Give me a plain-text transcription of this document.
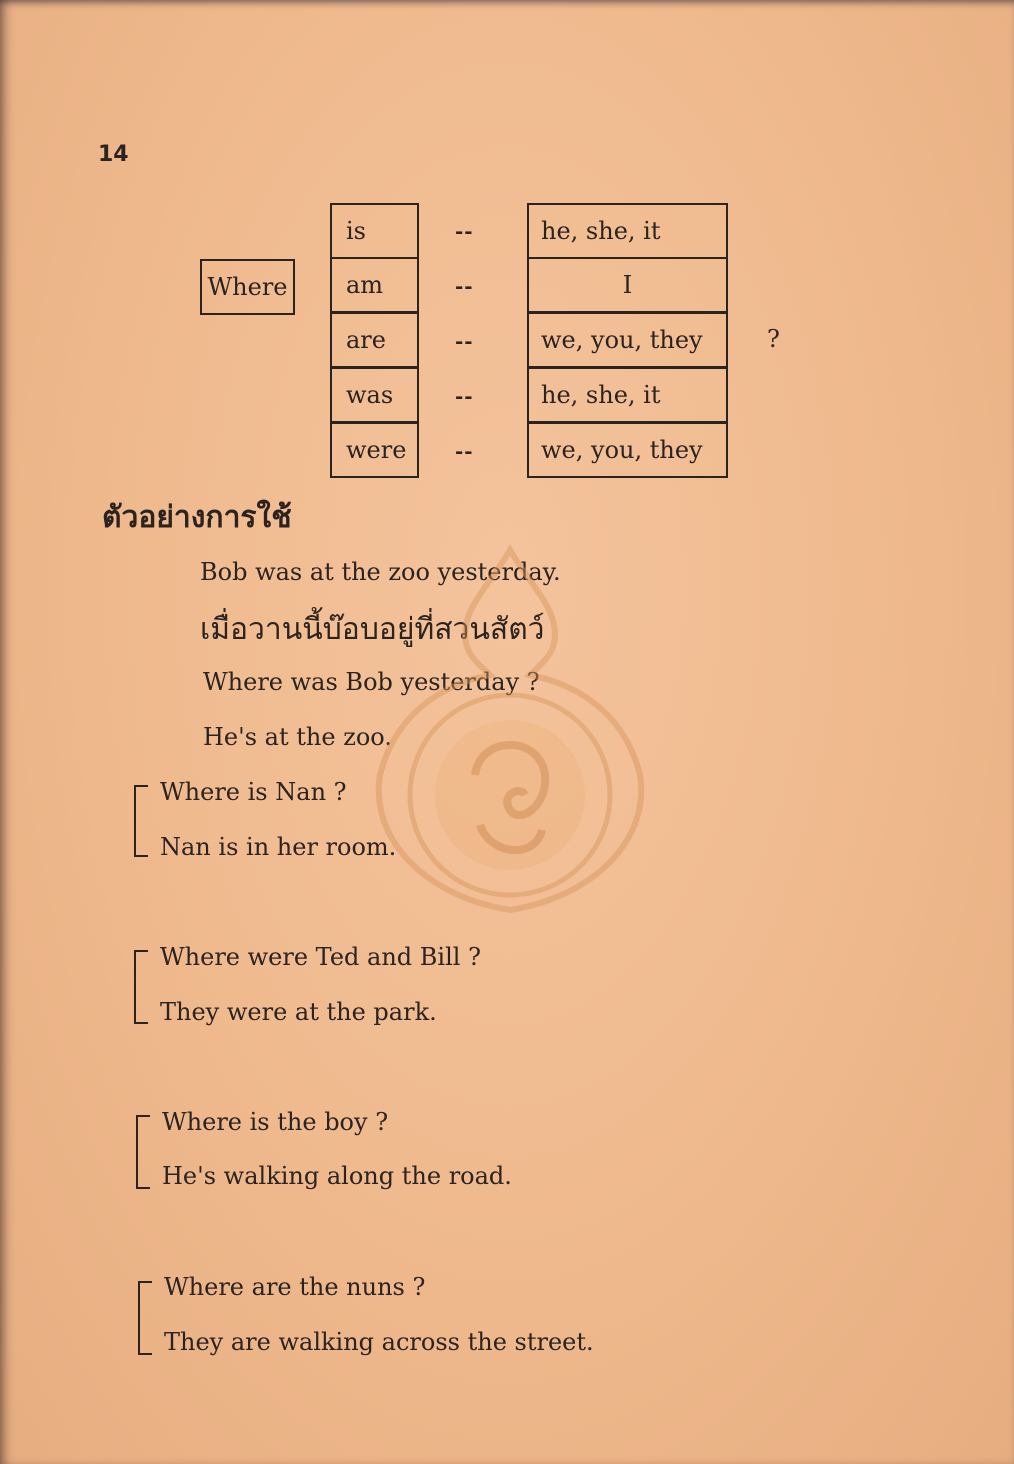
14
Where
is
am
are
was
were
--
--
--
--
--
he, she, it
I
we, you, they
he, she, it
we, you, they
?
ตัวอย่างการใช้
Bob was at the zoo yesterday.
เมื่อวานนี้บ๊อบอยู่ที่สวนสัตว์
Where was Bob yesterday ?
He's at the zoo.
Where is Nan ?
Nan is in her room.
Where were Ted and Bill ?
They were at the park.
Where is the boy ?
He's walking along the road.
Where are the nuns ?
They are walking across the street.
